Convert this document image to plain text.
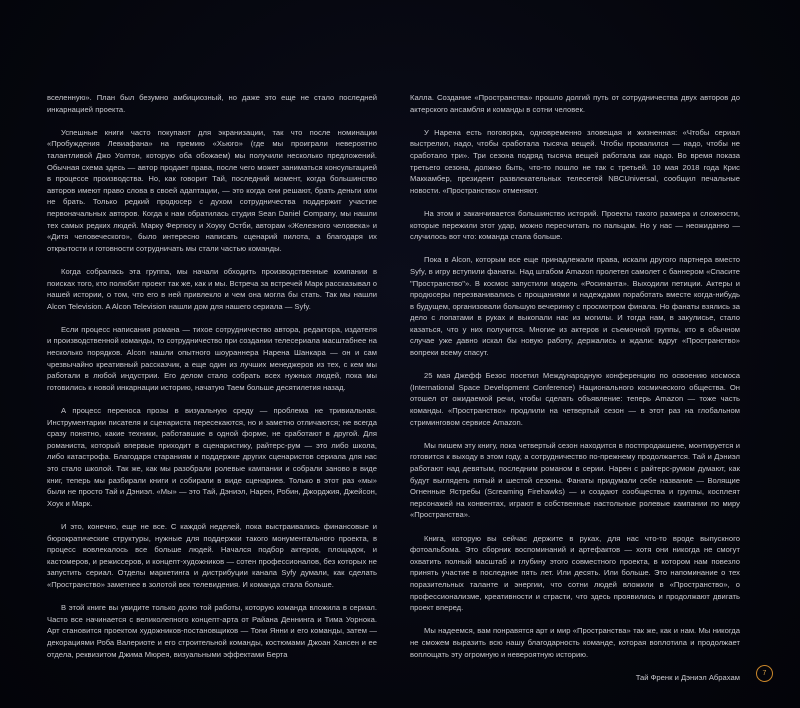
вселенную». План был безумно амбициозный, но даже это еще не стало последней инкарнацией проекта.

Успешные книги часто покупают для экранизации, так что после номинации «Пробуждения Левиафана» на премию «Хьюго» (где мы проиграли невероятно талантливой Джо Уолтон, которую оба обожаем) мы получили несколько предложений. Обычная схема здесь — автор продает права, после чего может заниматься консультацией в процессе производства. Но, как говорит Тай, последний момент, когда большинство авторов имеют право слова в своей адаптации, — это когда они решают, брать деньги или не брать. Только редкий продюсер с духом сотрудничества поддержит участие первоначальных авторов. Когда к нам обратилась студия Sean Daniel Company, мы нашли тех самых редких людей. Марку Фергюсу и Хоуку Остби, авторам «Железного человека» и «Дитя человеческого», было интересно написать сценарий пилота, а благодаря их открытости и готовности сотрудничать мы стали частью команды.

Когда собралась эта группа, мы начали обходить производственные компании в поисках того, кто полюбит проект так же, как и мы. Встреча за встречей Марк рассказывал о нашей истории, о том, что его в ней привлекло и чем она могла бы стать. Так мы нашли Alcon Television. A Alcon Television нашли дом для нашего сериала — Syfy.

Если процесс написания романа — тихое сотрудничество автора, редактора, издателя и производственной команды, то сотрудничество при создании телесериала масштабнее на несколько порядков. Alcon нашли опытного шоураннера Нарена Шанкара — он и сам чрезвычайно креативный рассказчик, а еще один из лучших менеджеров из тех, с кем мы работали в любой индустрии. Его делом стало собрать всех нужных людей, пока мы готовились к новой инкарнации историю, начатую Таем больше десятилетия назад.

А процесс переноса прозы в визуальную среду — проблема не тривиальная. Инструментарии писателя и сценариста пересекаются, но и заметно отличаются; не всегда сразу понятно, какие техники, работавшие в одной форме, не сработают в другой. Для романиста, который впервые приходит в сценаристику, райтерс-рум — это либо школа, либо катастрофа. Благодаря стараниям и поддержке других сценаристов сериала для нас это стало школой. Так же, как мы разобрали ролевые кампании и собрали заново в виде книг, теперь мы разбирали книги и собирали в виде сценариев. Только в этот раз «мы» были не просто Тай и Дэниэл. «Мы» — это Тай, Дэниэл, Нарен, Робин, Джорджия, Джейсон, Хоук и Марк.

И это, конечно, еще не все. С каждой неделей, пока выстраивались финансовые и бюрократические структуры, нужные для поддержки такого монументального проекта, в процесс вовлекалось все больше людей. Начался подбор актеров, площадок, и кастомеров, и режиссеров, и концепт-художников — сотен профессионалов, без которых не запустить сериал. Отделы маркетинга и дистрибуции канала Syfy думали, как сделать «Пространство» заметнее в золотой век телевидения. И команда стала больше.

В этой книге вы увидите только долю той работы, которую команда вложила в сериал. Часто все начинается с великолепного концепт-арта от Райана Деннинга и Тима Уорнока. Арт становится проектом художников-постановщиков — Тони Янни и его команды, затем — декорациями Роба Валериоте и его строительной команды, костюмами Джоан Хансен и ее отдела, реквизитом Джима Мюрея, визуальными эффектами Берта

Калла. Создание «Пространства» прошло долгий путь от сотрудничества двух авторов до актерского ансамбля и команды в сотни человек.

У Нарена есть поговорка, одновременно зловещая и жизненная: «Чтобы сериал выстрелил, надо, чтобы сработала тысяча вещей. Чтобы провалился — надо, чтобы не сработало три». Три сезона подряд тысяча вещей работала как надо. Во время показа третьего сезона, должно быть, что-то пошло не так с третьей. 10 мая 2018 года Крис Маккамбер, президент развлекательных телесетей NBCUniversal, сообщил печальные новости. «Пространство» отменяют.

На этом и заканчивается большинство историй. Проекты такого размера и сложности, которые пережили этот удар, можно пересчитать по пальцам. Но у нас — неожиданно — случилось вот что: команда стала больше.

Пока в Alcon, которым все еще принадлежали права, искали другого партнера вместо Syfy, в игру вступили фанаты. Над штабом Amazon пролетел самолет с баннером «Спасите "Пространство"». В космос запустили модель «Росинанта». Выходили петиции. Актеры и продюсеры перезванивались с прощаниями и надеждами поработать вместе когда-нибудь в будущем, организовали большую вечеринку с просмотром финала. Но фанаты взялись за дело с лопатами в руках и выкопали нас из могилы. И тогда нам, в закулисье, стало казаться, что у них получится. Многие из актеров и съемочной группы, кто в обычном случае уже давно искал бы новую работу, держались и ждали: вдруг «Пространство» вопреки всему спасут.

25 мая Джефф Безос посетил Международную конференцию по освоению космоса (International Space Development Conference) Национального космического общества. Он отошел от ожидаемой речи, чтобы сделать объявление: теперь Amazon — тоже часть команды. «Пространство» продлили на четвертый сезон — в этот раз на глобальном стриминговом сервисе Amazon.

Мы пишем эту книгу, пока четвертый сезон находится в постпродакшене, монтируется и готовится к выходу в этом году, а сотрудничество по-прежнему продолжается. Тай и Дэниэл работают над девятым, последним романом в серии. Нарен с райтерс-румом думают, как будут выглядеть пятый и шестой сезоны. Фанаты придумали себе название — Волящие Огненные Ястребы (Screaming Firehawks) — и создают сообщества и группы, косплеят персонажей на конвентах, играют в собственные настольные ролевые кампании по миру «Пространства».

Книга, которую вы сейчас держите в руках, для нас что-то вроде выпускного фотоальбома. Это сборник воспоминаний и артефактов — хотя они никогда не смогут охватить полный масштаб и глубину этого совместного проекта, в котором нам повезло принять участие в последние пять лет. Или десять. Или больше. Это напоминание о тех поразительных таланте и энергии, что сотни людей вложили в «Пространство», о профессионализме, креативности и страсти, что здесь проявились и продолжают двигать проект вперед.

Мы надеемся, вам понравятся арт и мир «Пространства» так же, как и нам. Мы никогда не сможем выразить всю нашу благодарность команде, которая воплотила и продолжает воплощать эту огромную и невероятную историю.

Тай Френк и Дэниэл Абрахам	7
